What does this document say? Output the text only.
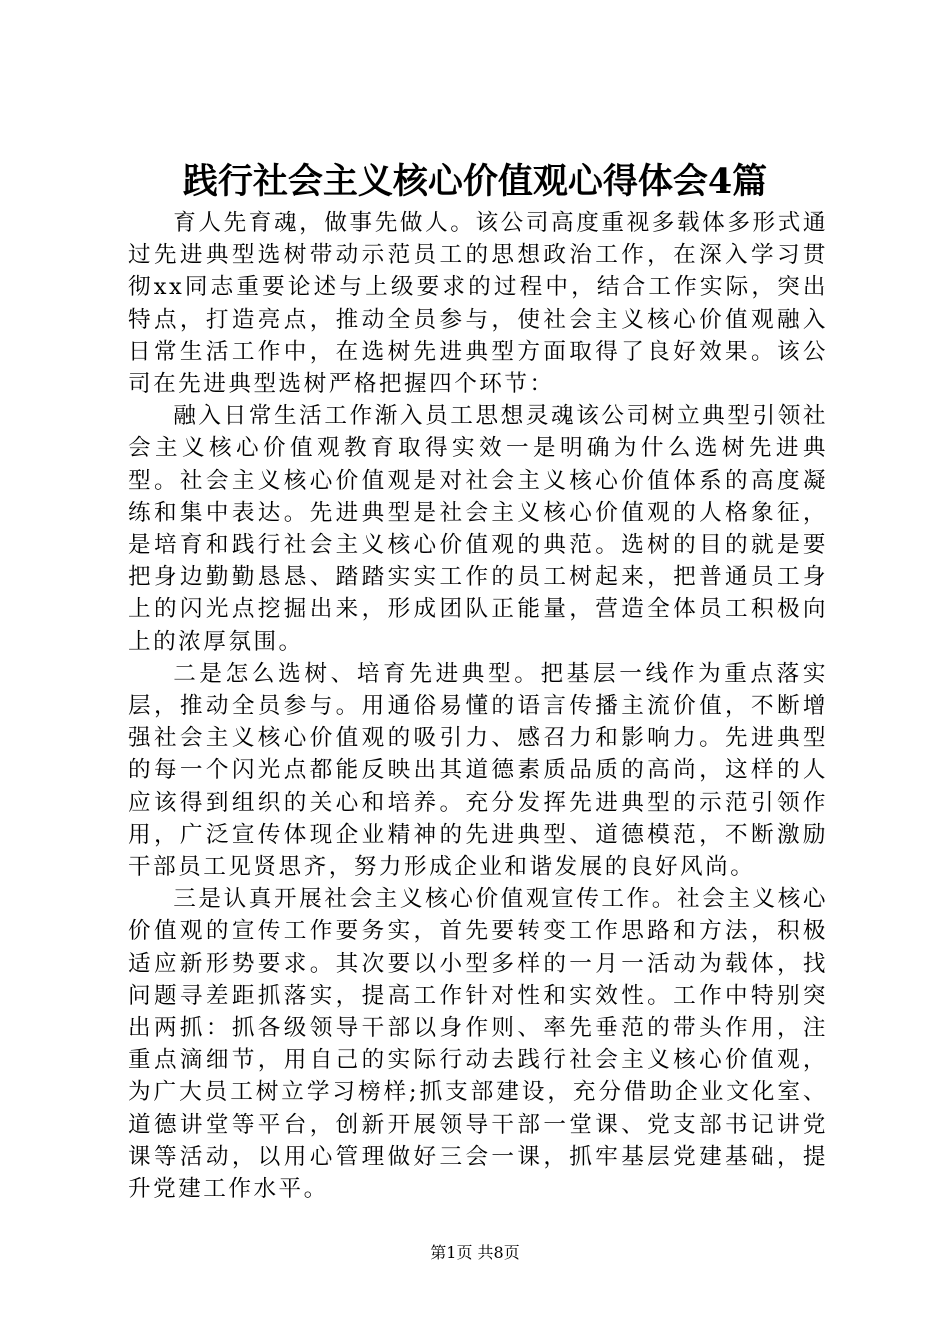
践行社会主义核心价值观心得体会4篇

育人先育魂，做事先做人。该公司高度重视多载体多形式通过先进典型选树带动示范员工的思想政治工作，在深入学习贯彻xx同志重要论述与上级要求的过程中，结合工作实际，突出特点，打造亮点，推动全员参与，使社会主义核心价值观融入日常生活工作中，在选树先进典型方面取得了良好效果。该公司在先进典型选树严格把握四个环节：

融入日常生活工作渐入员工思想灵魂该公司树立典型引领社会主义核心价值观教育取得实效一是明确为什么选树先进典型。社会主义核心价值观是对社会主义核心价值体系的高度凝练和集中表达。先进典型是社会主义核心价值观的人格象征，是培育和践行社会主义核心价值观的典范。选树的目的就是要把身边勤勤恳恳、踏踏实实工作的员工树起来，把普通员工身上的闪光点挖掘出来，形成团队正能量，营造全体员工积极向上的浓厚氛围。

二是怎么选树、培育先进典型。把基层一线作为重点落实层，推动全员参与。用通俗易懂的语言传播主流价值，不断增强社会主义核心价值观的吸引力、感召力和影响力。先进典型的每一个闪光点都能反映出其道德素质品质的高尚，这样的人应该得到组织的关心和培养。充分发挥先进典型的示范引领作用，广泛宣传体现企业精神的先进典型、道德模范，不断激励干部员工见贤思齐，努力形成企业和谐发展的良好风尚。

三是认真开展社会主义核心价值观宣传工作。社会主义核心价值观的宣传工作要务实，首先要转变工作思路和方法，积极适应新形势要求。其次要以小型多样的一月一活动为载体，找问题寻差距抓落实，提高工作针对性和实效性。工作中特别突出两抓：抓各级领导干部以身作则、率先垂范的带头作用，注重点滴细节，用自己的实际行动去践行社会主义核心价值观，为广大员工树立学习榜样;抓支部建设，充分借助企业文化室、道德讲堂等平台，创新开展领导干部一堂课、党支部书记讲党课等活动，以用心管理做好三会一课，抓牢基层党建基础，提升党建工作水平。

第1页 共8页
